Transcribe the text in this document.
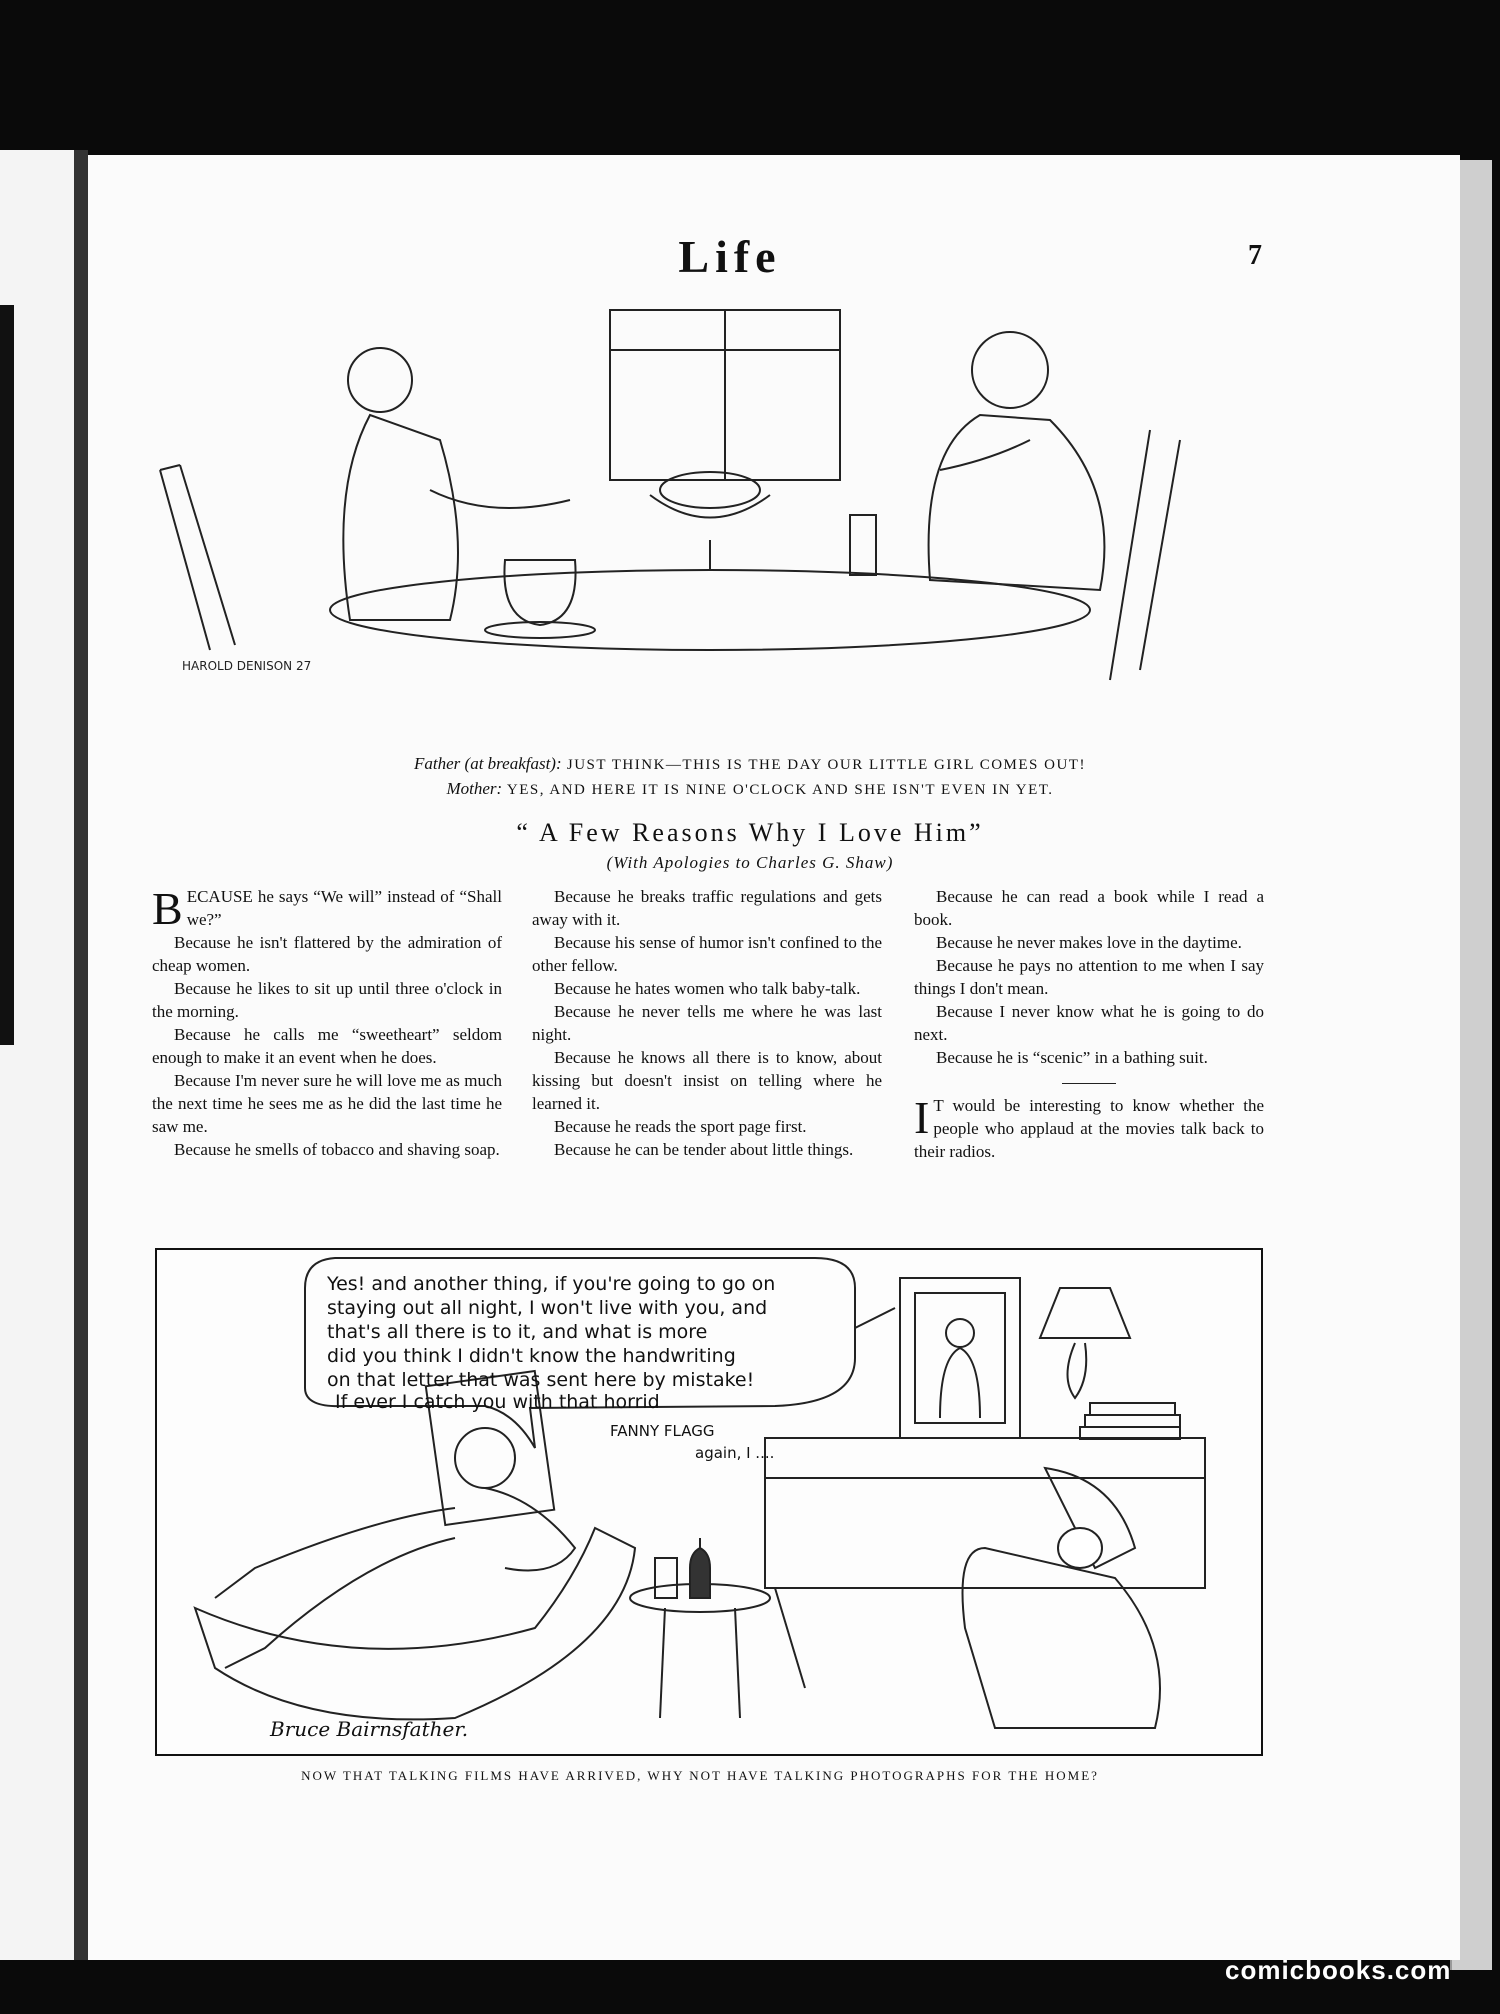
Life	7
HAROLD DENISON 27
Father (at breakfast): JUST THINK—THIS IS THE DAY OUR LITTLE GIRL COMES OUT!
Mother: YES, AND HERE IT IS NINE O'CLOCK AND SHE ISN'T EVEN IN YET.
“ A Few Reasons Why I Love Him”
(With Apologies to Charles G. Shaw)

BECAUSE he says “We will” instead of “Shall we?”

Because he isn't flattered by the admiration of cheap women.

Because he likes to sit up until three o'clock in the morning.

Because he calls me “sweetheart” seldom enough to make it an event when he does.

Because I'm never sure he will love me as much the next time he sees me as he did the last time he saw me.

Because he smells of tobacco and shaving soap.

Because he breaks traffic regulations and gets away with it.

Because his sense of humor isn't confined to the other fellow.

Because he hates women who talk baby-talk.

Because he never tells me where he was last night.

Because he knows all there is to know, about kissing but doesn't insist on telling where he learned it.

Because he reads the sport page first.

Because he can be tender about little things.

Because he can read a book while I read a book.

Because he never makes love in the daytime.

Because he pays no attention to me when I say things I don't mean.

Because I never know what he is going to do next.

Because he is “scenic” in a bathing suit.

I T would be interesting to know whether the people who applaud at the movies talk back to their radios.

Yes! and another thing, if you're going to go on
staying out all night, I won't live with you, and
that's all there is to it, and what is more
did you think I didn't know the handwriting
on that letter that was sent here by mistake!
If ever I catch you with that horrid
FANNY FLAGG
again, I ....
Bruce Bairnsfather.
NOW THAT TALKING FILMS HAVE ARRIVED, WHY NOT HAVE TALKING PHOTOGRAPHS FOR THE HOME?
comicbooks.com
